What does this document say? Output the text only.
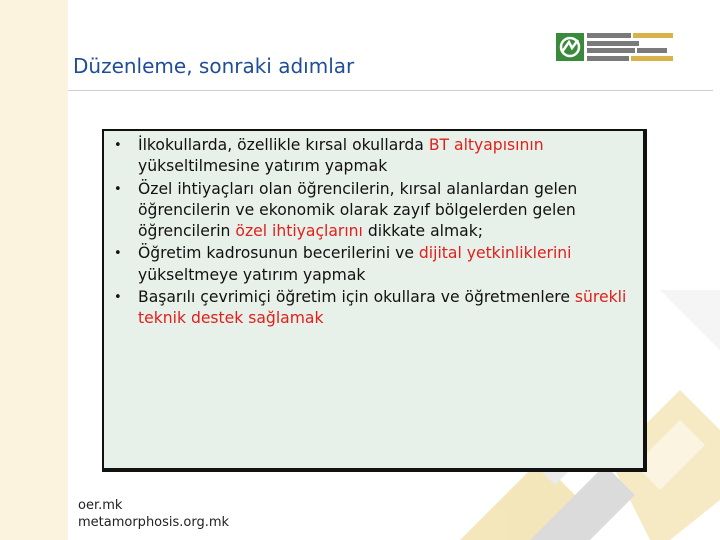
Düzenleme, sonraki adımlar
• İlkokullarda, özellikle kırsal okullarda BT altyapısının yükseltilmesine yatırım yapmak
• Özel ihtiyaçları olan öğrencilerin, kırsal alanlardan gelen öğrencilerin ve ekonomik olarak zayıf bölgelerden gelen öğrencilerin özel ihtiyaçlarını dikkate almak;
• Öğretim kadrosunun becerilerini ve dijital yetkinliklerini yükseltmeye yatırım yapmak
• Başarılı çevrimiçi öğretim için okullara ve öğretmenlere sürekli teknik destek sağlamak
oer.mk
metamorphosis.org.mk
